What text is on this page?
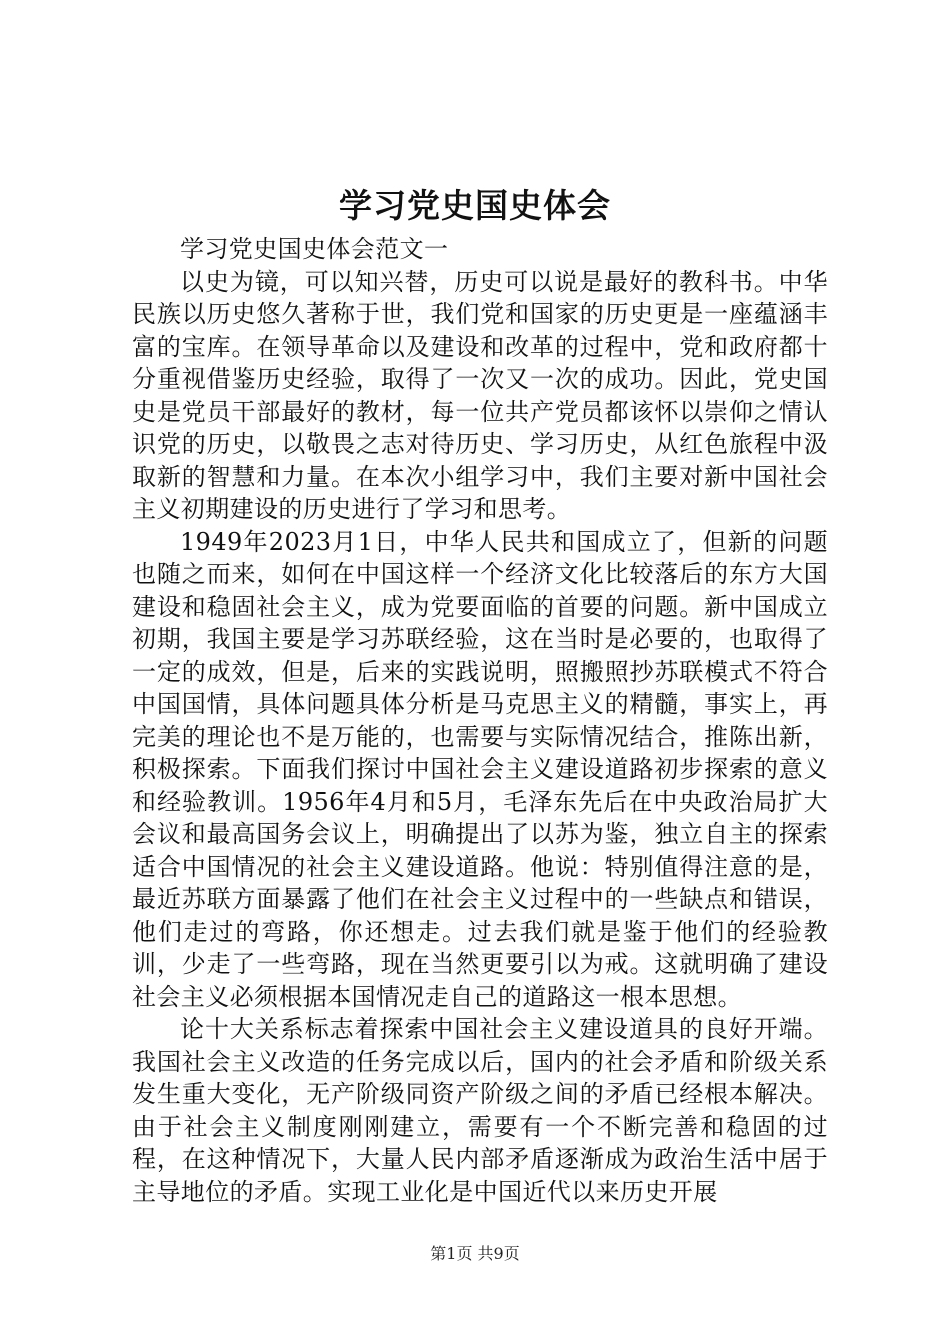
学习党史国史体会

学习党史国史体会范文一

以史为镜，可以知兴替，历史可以说是最好的教科书。中华民族以历史悠久著称于世，我们党和国家的历史更是一座蕴涵丰富的宝库。在领导革命以及建设和改革的过程中，党和政府都十分重视借鉴历史经验，取得了一次又一次的成功。因此，党史国史是党员干部最好的教材，每一位共产党员都该怀以崇仰之情认识党的历史，以敬畏之志对待历史、学习历史，从红色旅程中汲取新的智慧和力量。在本次小组学习中，我们主要对新中国社会主义初期建设的历史进行了学习和思考。

1949年2023月1日，中华人民共和国成立了，但新的问题也随之而来，如何在中国这样一个经济文化比较落后的东方大国建设和稳固社会主义，成为党要面临的首要的问题。新中国成立初期，我国主要是学习苏联经验，这在当时是必要的，也取得了一定的成效，但是，后来的实践说明，照搬照抄苏联模式不符合中国国情，具体问题具体分析是马克思主义的精髓，事实上，再完美的理论也不是万能的，也需要与实际情况结合，推陈出新，积极探索。下面我们探讨中国社会主义建设道路初步探索的意义和经验教训。1956年4月和5月，毛泽东先后在中央政治局扩大会议和最高国务会议上，明确提出了以苏为鉴，独立自主的探索适合中国情况的社会主义建设道路。他说：特别值得注意的是，最近苏联方面暴露了他们在社会主义过程中的一些缺点和错误，他们走过的弯路，你还想走。过去我们就是鉴于他们的经验教训，少走了一些弯路，现在当然更要引以为戒。这就明确了建设社会主义必须根据本国情况走自己的道路这一根本思想。

论十大关系标志着探索中国社会主义建设道具的良好开端。我国社会主义改造的任务完成以后，国内的社会矛盾和阶级关系发生重大变化，无产阶级同资产阶级之间的矛盾已经根本解决。由于社会主义制度刚刚建立，需要有一个不断完善和稳固的过程，在这种情况下，大量人民内部矛盾逐渐成为政治生活中居于主导地位的矛盾。实现工业化是中国近代以来历史开展

第1页 共9页
